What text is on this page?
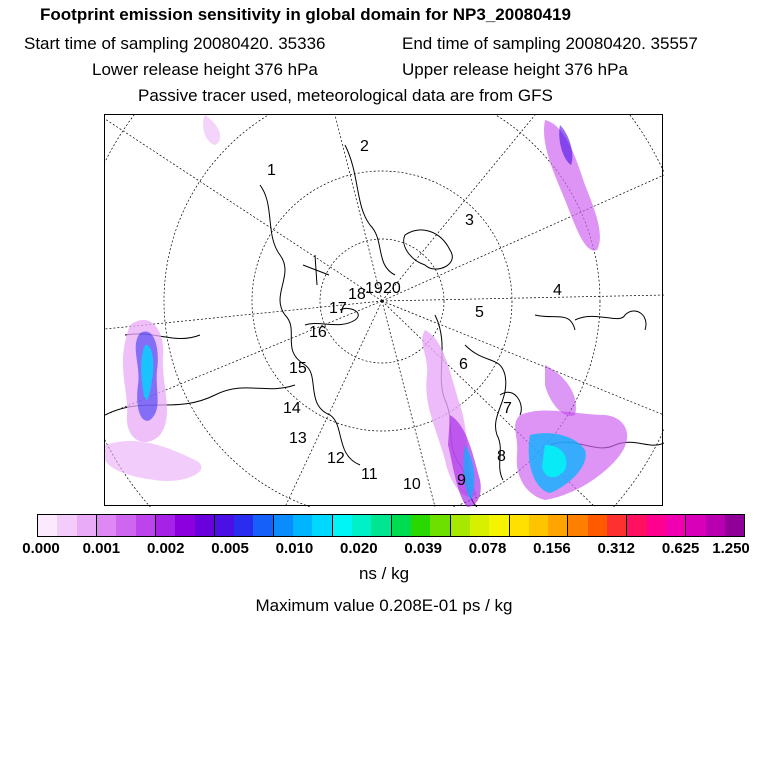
Footprint emission sensitivity in global domain for NP3_20080419
Start time of sampling 20080420. 35336	End time of sampling 20080420. 35557
Lower release height 376 hPa	Upper release height 376 hPa
Passive tracer used, meteorological data are from GFS
1
2
3
4
5
6
7
8
9
10
11
12
13
14
15
16
17
18 19 20
ns / kg
Maximum value 0.208E-01 ps / kg
0.000 0.001 0.002 0.005 0.010 0.020 0.039 0.078 0.156 0.312 0.625 1.250
